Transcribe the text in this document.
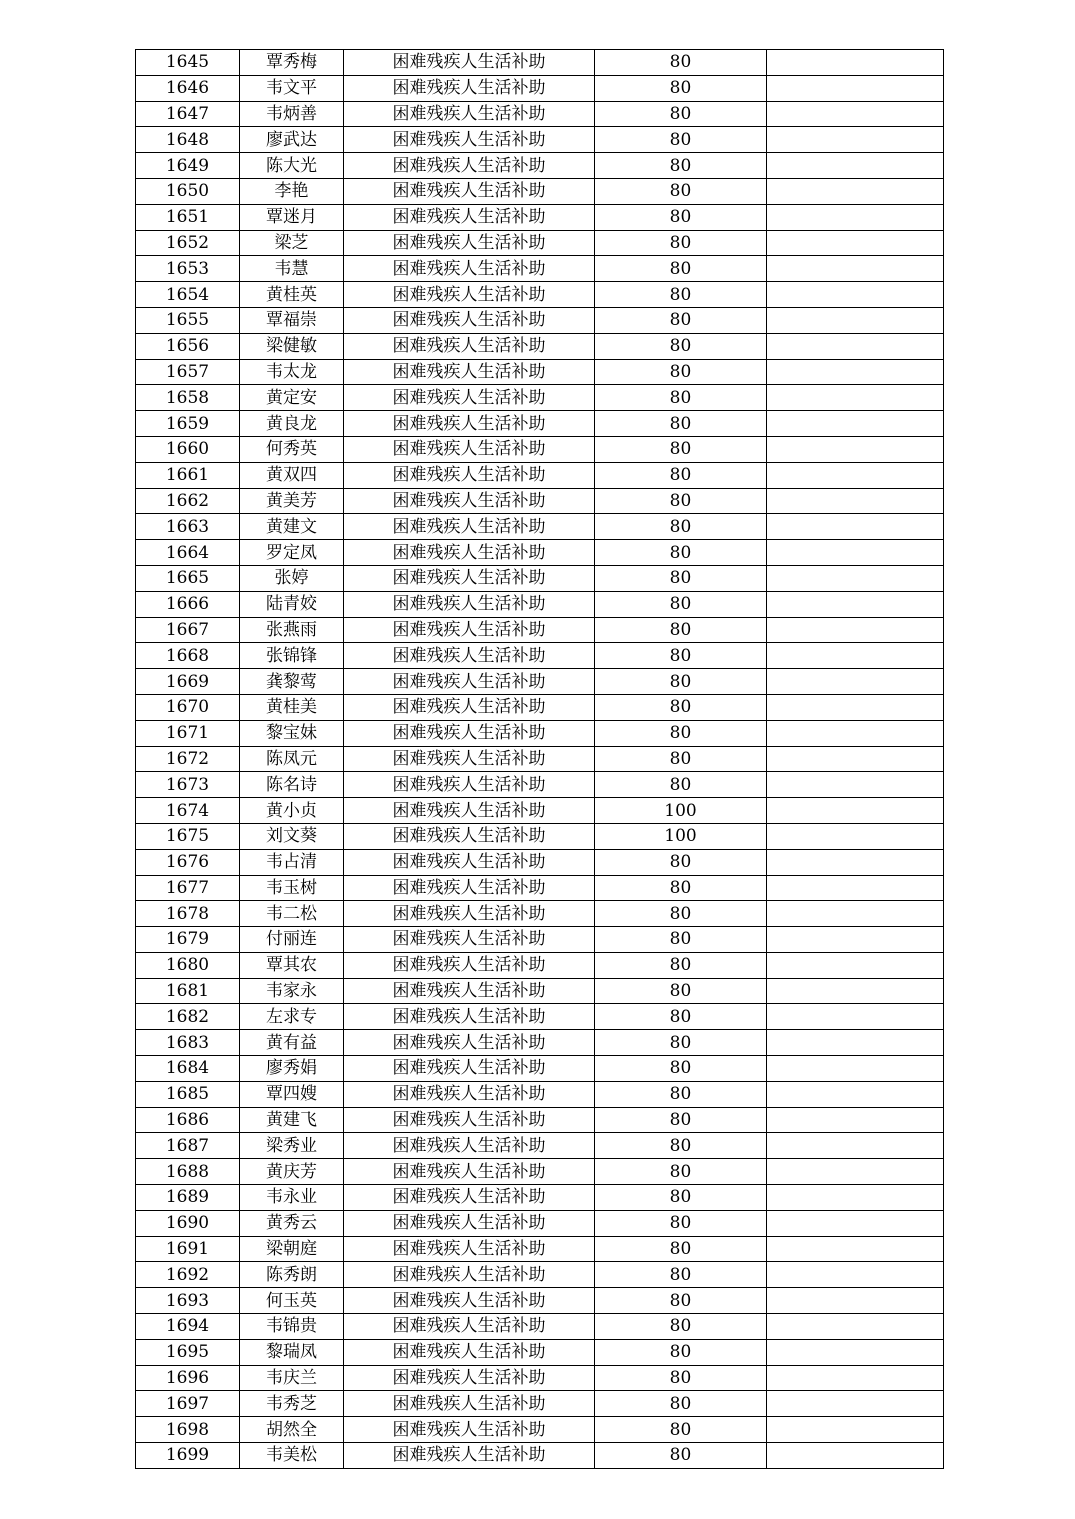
1645	覃秀梅	困难残疾人生活补助	80	
1646	韦文平	困难残疾人生活补助	80	
1647	韦炳善	困难残疾人生活补助	80	
1648	廖武达	困难残疾人生活补助	80	
1649	陈大光	困难残疾人生活补助	80	
1650	李艳	困难残疾人生活补助	80	
1651	覃迷月	困难残疾人生活补助	80	
1652	梁芝	困难残疾人生活补助	80	
1653	韦慧	困难残疾人生活补助	80	
1654	黄桂英	困难残疾人生活补助	80	
1655	覃福崇	困难残疾人生活补助	80	
1656	梁健敏	困难残疾人生活补助	80	
1657	韦太龙	困难残疾人生活补助	80	
1658	黄定安	困难残疾人生活补助	80	
1659	黄良龙	困难残疾人生活补助	80	
1660	何秀英	困难残疾人生活补助	80	
1661	黄双四	困难残疾人生活补助	80	
1662	黄美芳	困难残疾人生活补助	80	
1663	黄建文	困难残疾人生活补助	80	
1664	罗定凤	困难残疾人生活补助	80	
1665	张婷	困难残疾人生活补助	80	
1666	陆青姣	困难残疾人生活补助	80	
1667	张燕雨	困难残疾人生活补助	80	
1668	张锦锋	困难残疾人生活补助	80	
1669	龚黎莺	困难残疾人生活补助	80	
1670	黄桂美	困难残疾人生活补助	80	
1671	黎宝妹	困难残疾人生活补助	80	
1672	陈凤元	困难残疾人生活补助	80	
1673	陈名诗	困难残疾人生活补助	80	
1674	黄小贞	困难残疾人生活补助	100	
1675	刘文葵	困难残疾人生活补助	100	
1676	韦占清	困难残疾人生活补助	80	
1677	韦玉树	困难残疾人生活补助	80	
1678	韦二松	困难残疾人生活补助	80	
1679	付丽连	困难残疾人生活补助	80	
1680	覃其农	困难残疾人生活补助	80	
1681	韦家永	困难残疾人生活补助	80	
1682	左求专	困难残疾人生活补助	80	
1683	黄有益	困难残疾人生活补助	80	
1684	廖秀娟	困难残疾人生活补助	80	
1685	覃四嫂	困难残疾人生活补助	80	
1686	黄建飞	困难残疾人生活补助	80	
1687	梁秀业	困难残疾人生活补助	80	
1688	黄庆芳	困难残疾人生活补助	80	
1689	韦永业	困难残疾人生活补助	80	
1690	黄秀云	困难残疾人生活补助	80	
1691	梁朝庭	困难残疾人生活补助	80	
1692	陈秀朗	困难残疾人生活补助	80	
1693	何玉英	困难残疾人生活补助	80	
1694	韦锦贵	困难残疾人生活补助	80	
1695	黎瑞凤	困难残疾人生活补助	80	
1696	韦庆兰	困难残疾人生活补助	80	
1697	韦秀芝	困难残疾人生活补助	80	
1698	胡然全	困难残疾人生活补助	80	
1699	韦美松	困难残疾人生活补助	80	
